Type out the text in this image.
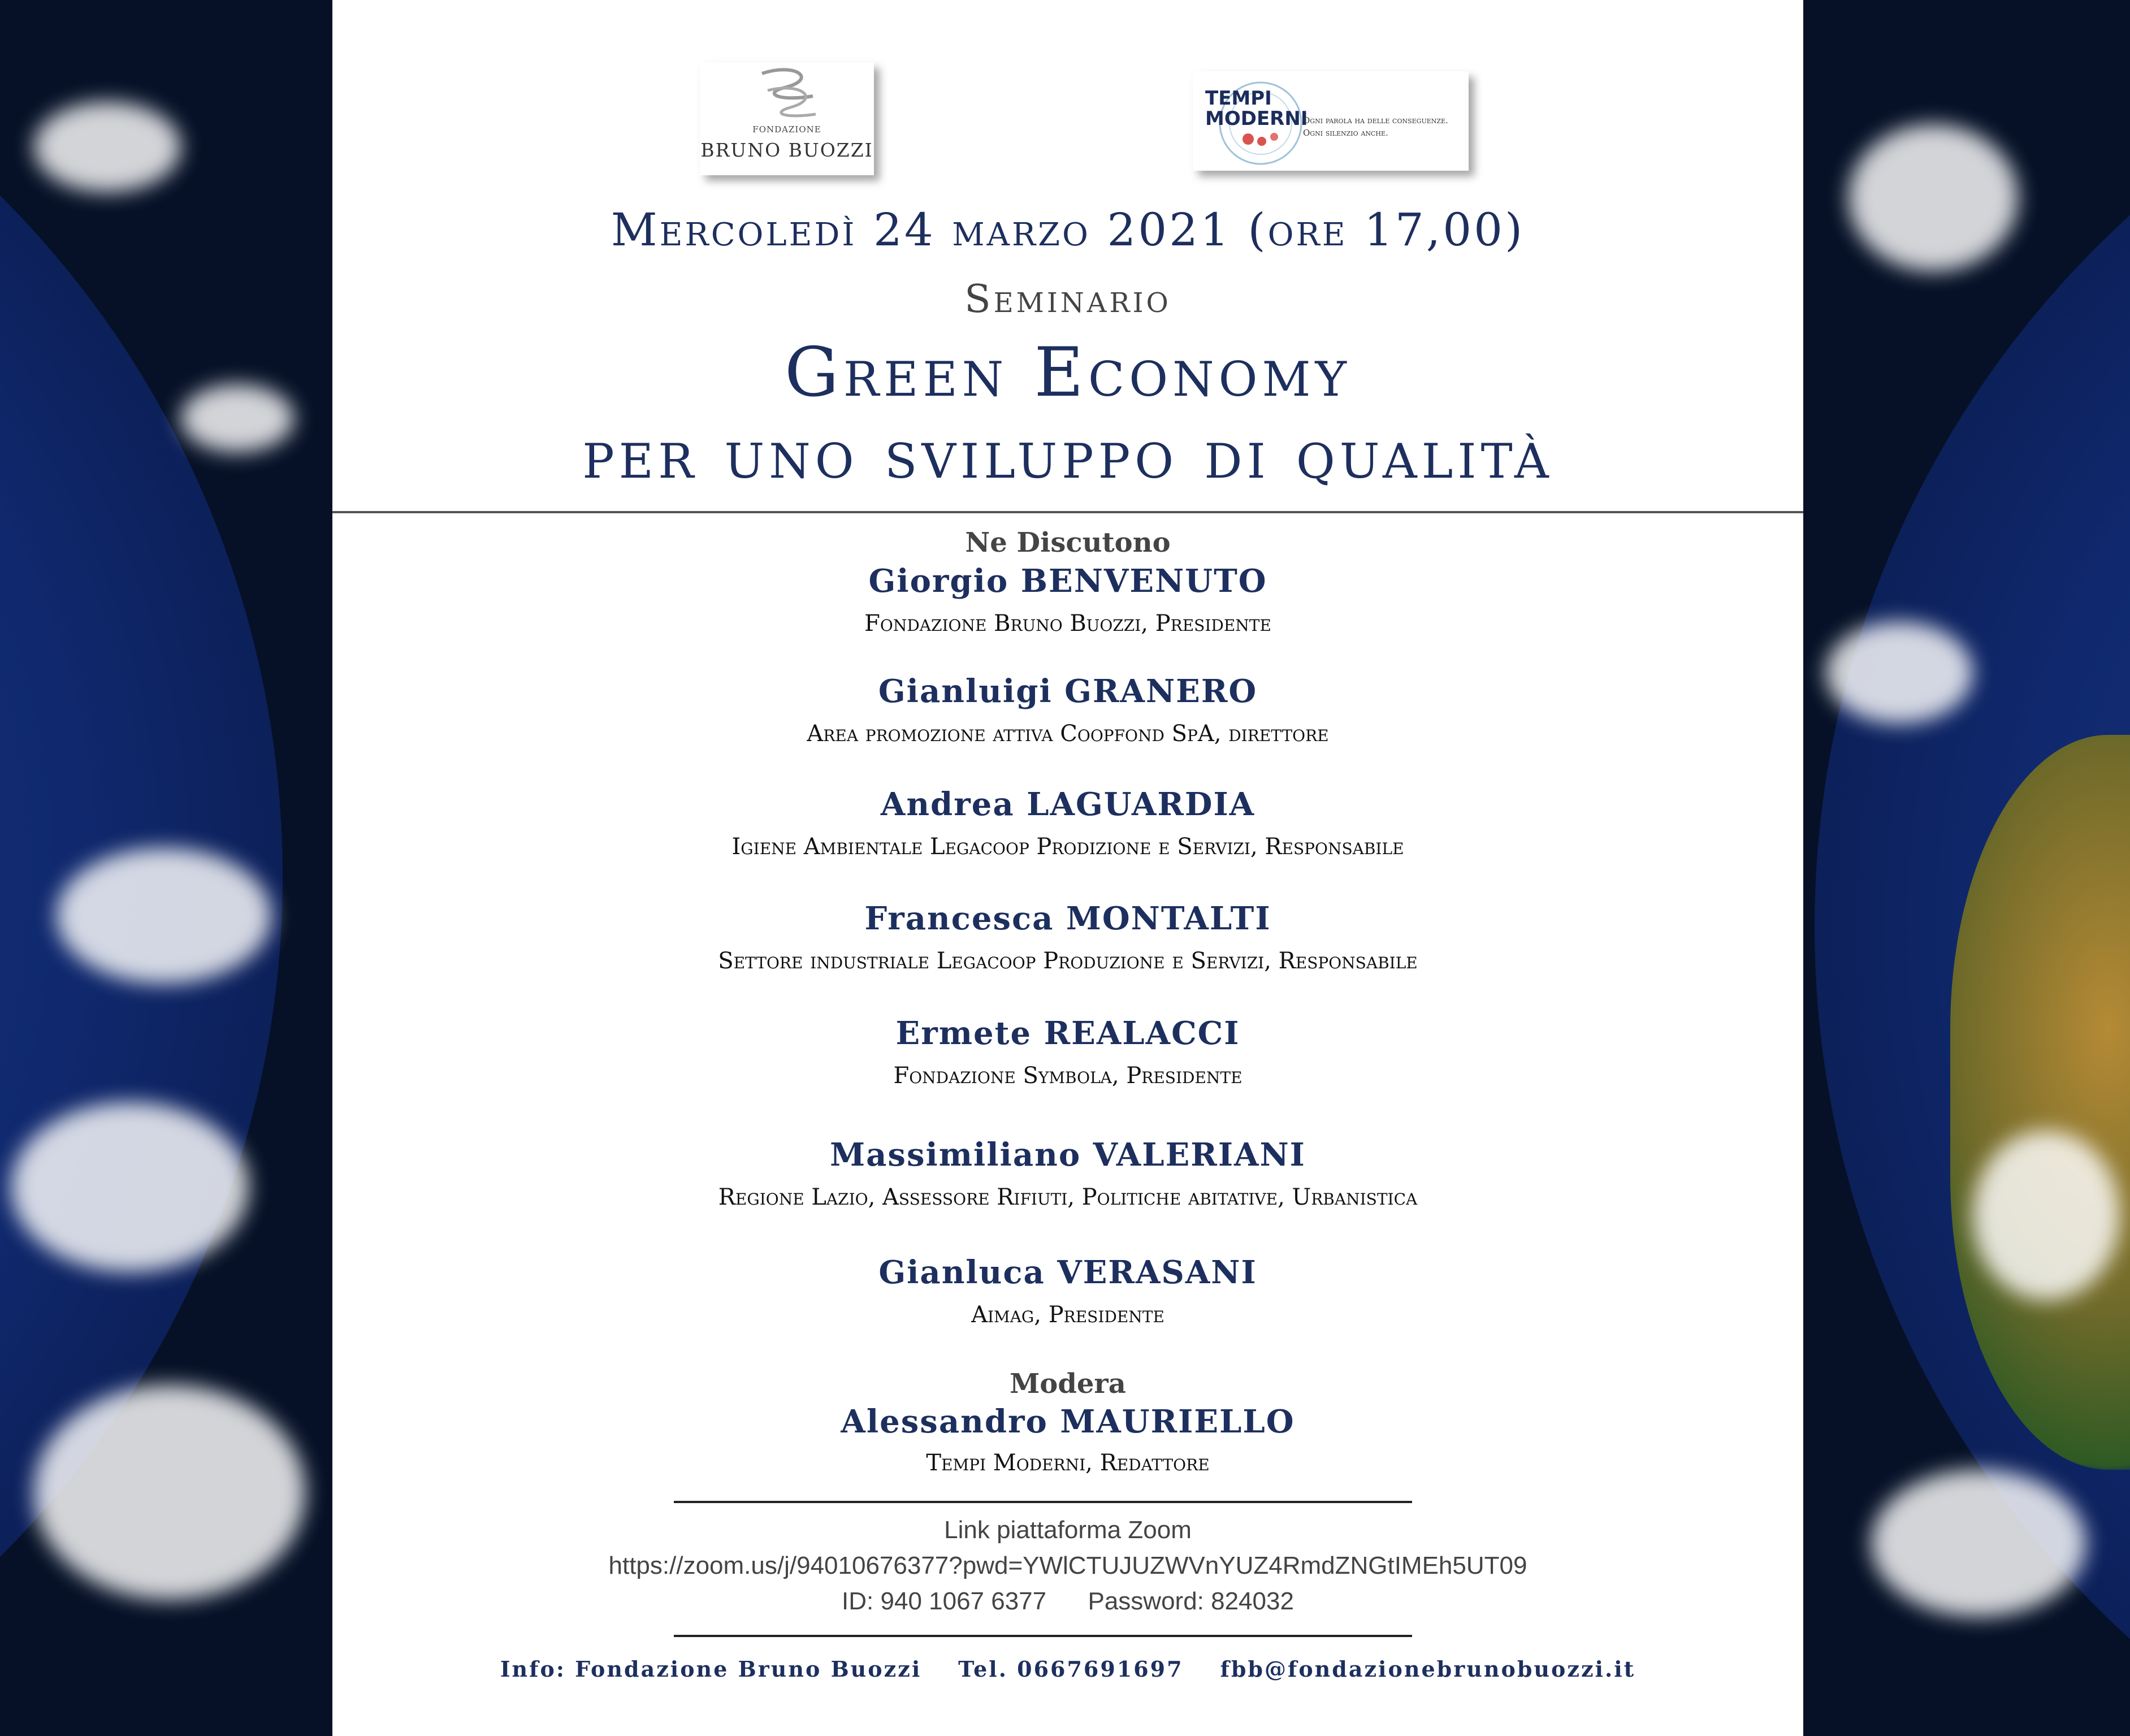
FONDAZIONE
BRUNO BUOZZI
TEMPI
MODERNI
Ogni parola ha delle conseguenze.
Ogni silenzio anche.
Mercoledì 24 marzo 2021 (ore 17,00)
Seminario
Green Economy
per uno sviluppo di qualità
Ne Discutono
Giorgio BENVENUTO
Fondazione Bruno Buozzi, Presidente
Gianluigi GRANERO
Area promozione attiva Coopfond SpA, direttore
Andrea LAGUARDIA
Igiene Ambientale Legacoop Prodizione e Servizi, Responsabile
Francesca MONTALTI
Settore industriale Legacoop Produzione e Servizi, Responsabile
Ermete REALACCI
Fondazione Symbola, Presidente
Massimiliano VALERIANI
Regione Lazio, Assessore Rifiuti, Politiche abitative, Urbanistica
Gianluca VERASANI
Aimag, Presidente
Modera
Alessandro MAURIELLO
Tempi Moderni, Redattore
Link piattaforma Zoom
https://zoom.us/j/94010676377?pwd=YWlCTUJUZWVnYUZ4RmdZNGtIMEh5UT09
ID: 940 1067 6377      Password: 824032
Info: Fondazione Bruno Buozzi    Tel. 0667691697    fbb@fondazionebrunobuozzi.it
